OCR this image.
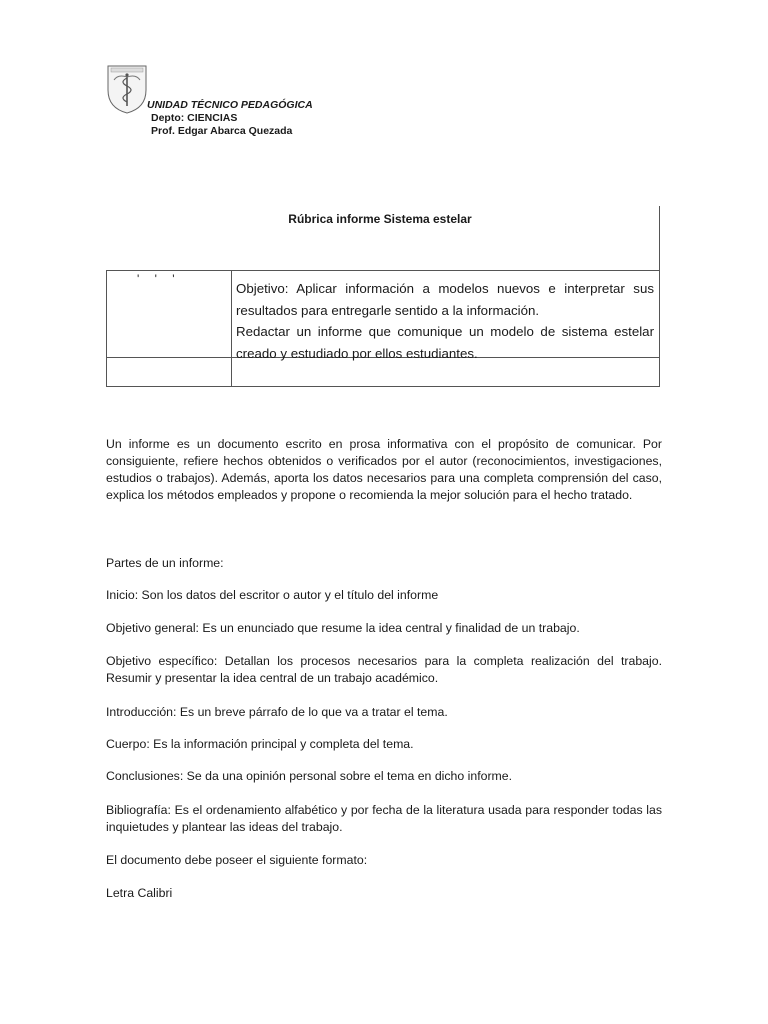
UNIDAD TÉCNICO PEDAGÓGICA
Depto: CIENCIAS
Prof. Edgar Abarca Quezada
Rúbrica informe Sistema estelar
' ' '

Objetivo: Aplicar información a modelos nuevos e interpretar sus resultados para entregarle sentido a la información.

Redactar un informe que comunique un modelo de sistema estelar creado y estudiado por ellos estudiantes.

Un informe es un documento escrito en prosa informativa con el propósito de comunicar. Por consiguiente, refiere hechos obtenidos o verificados por el autor (reconocimientos, investigaciones, estudios o trabajos). Además, aporta los datos necesarios para una completa comprensión del caso, explica los métodos empleados y propone o recomienda la mejor solución para el hecho tratado.

Partes de un informe:

Inicio: Son los datos del escritor o autor y el título del informe

Objetivo general: Es un enunciado que resume la idea central y finalidad de un trabajo.

Objetivo específico: Detallan los procesos necesarios para la completa realización del trabajo. Resumir y presentar la idea central de un trabajo académico.

Introducción: Es un breve párrafo de lo que va a tratar el tema.

Cuerpo: Es la información principal y completa del tema.

Conclusiones: Se da una opinión personal sobre el tema en dicho informe.

Bibliografía: Es el ordenamiento alfabético y por fecha de la literatura usada para responder todas las inquietudes y plantear las ideas del trabajo.

El documento debe poseer el siguiente formato:

Letra Calibri
